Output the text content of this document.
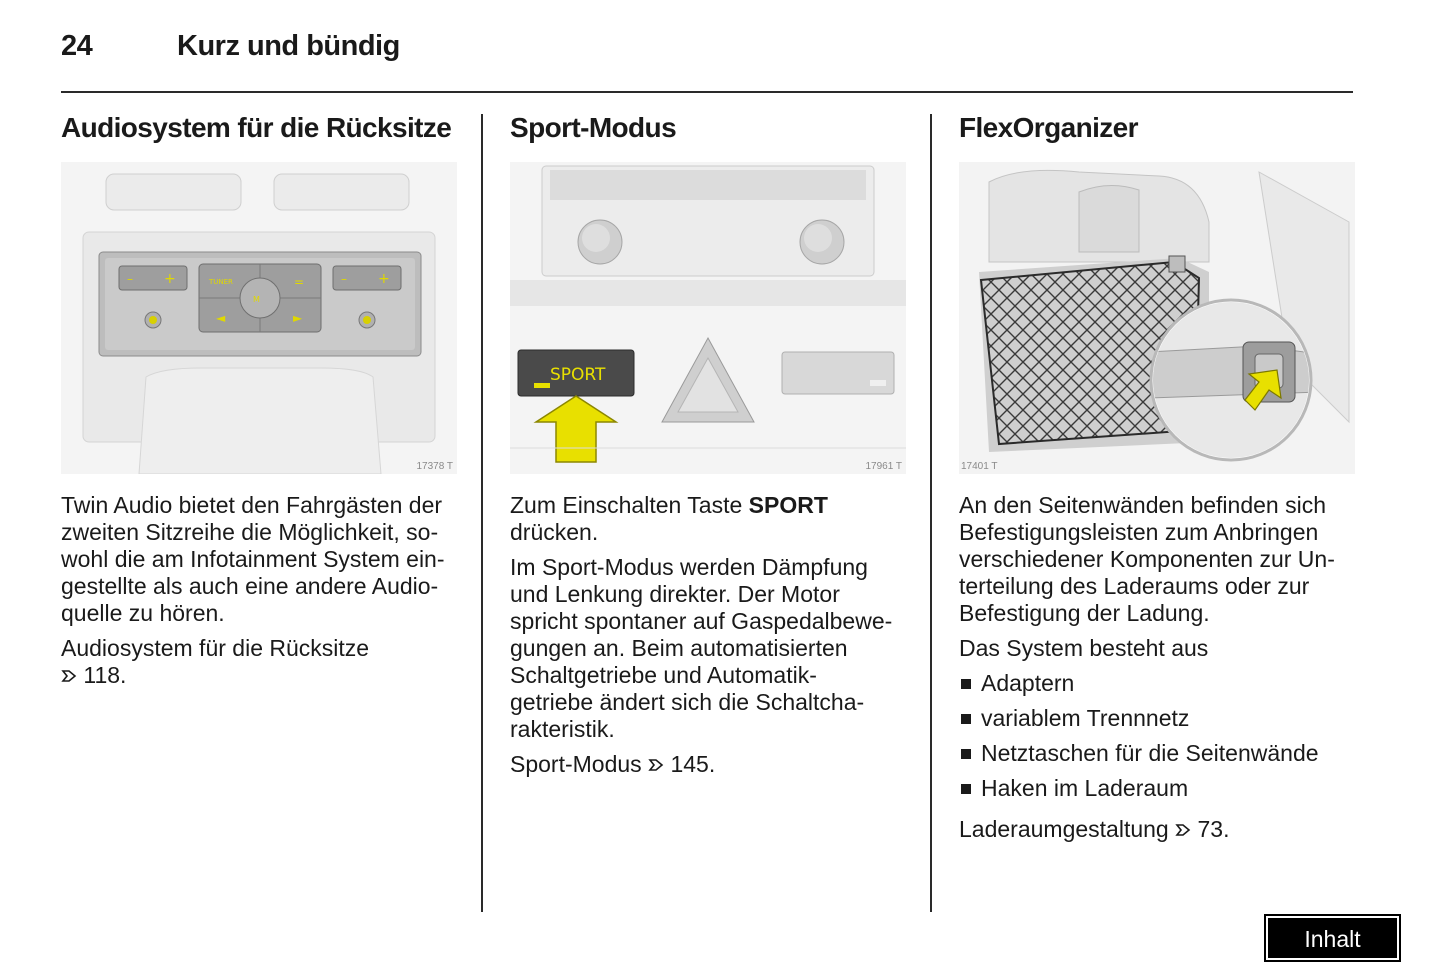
24	Kurz und bündig
Audiosystem für die Rücksitze
– +
M
TUNER	=
◄	►
– +
17378 T

Twin Audio bietet den Fahrgästen der
zweiten Sitzreihe die Möglichkeit, so-
wohl die am Infotainment System ein-
gestellte als auch eine andere Audio-
quelle zu hören.

Audiosystem für die Rücksitze
118.

Sport-Modus
SPORT
17961 T

Zum Einschalten Taste SPORT
drücken.

Im Sport-Modus werden Dämpfung
und Lenkung direkter. Der Motor
spricht spontaner auf Gaspedalbewe-
gungen an. Beim automatisierten
Schaltgetriebe und Automatik-
getriebe ändert sich die Schaltcha-
rakteristik.

Sport-Modus 145.

FlexOrganizer
17401 T

An den Seitenwänden befinden sich
Befestigungsleisten zum Anbringen
verschiedener Komponenten zur Un-
terteilung des Laderaums oder zur
Befestigung der Ladung.

Das System besteht aus

Adaptern
variablem Trennnetz
Netztaschen für die Seitenwände
Haken im Laderaum

Laderaumgestaltung 73.

Inhalt
